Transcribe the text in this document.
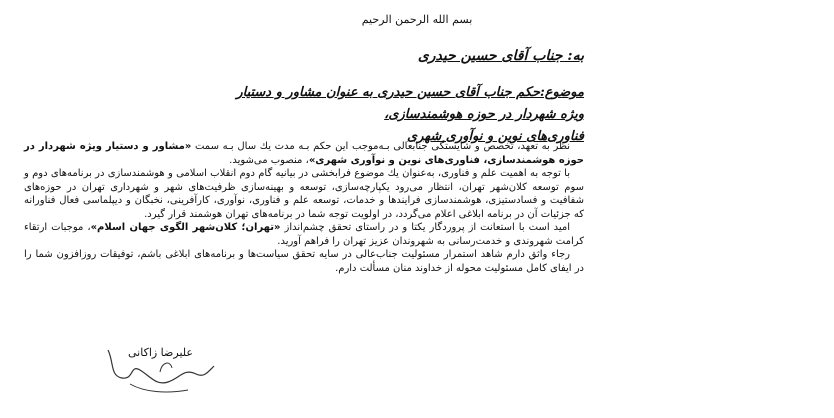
بسم الله الرحمن الرحيم
به: جناب آقای حسين حيدری
موضوع:حكم جناب آقای حسين حيدری به عنوان مشاور و دستيار ويژه شهردار در حوزه هوشمندسازی،
فناوری‌های نوين و نوآوری شهری

نظر به تعهد، تخصص و شايستگی جنابعالی بـه‌موجب اين حكم بـه مدت يك سال بـه سمت «مشاور و دستيار ويژه شهردار در حوزه هوشمندسازی، فناوری‌های نوين و نوآوری شهری»، منصوب می‌شويد.

با توجه به اهميت علم و فناوری، به‌عنوان يك موضوع فرابخشی در بيانيه گام دوم انقلاب اسلامی و هوشمندسازی در برنامه‌های دوم و سوم توسعه كلان‌شهر تهران، انتظار می‌رود يكپارچه‌سازی، توسعه و بهينه‌سازی ظرفيت‌های شهر و شهرداری تهران در حوزه‌های شفافيت و فسادستيزی، هوشمندسازی فرايندها و خدمات، توسعه علم و فناوری، نوآوری، كارآفرينی، نخبگان و ديپلماسی فعال فناورانه كه جزئيات آن در برنامه ابلاغی اعلام می‌گردد، در اولويت توجه شما در برنامه‌های تهران هوشمند قرار گيرد.

اميد است با استعانت از پروردگار يكتا و در راستای تحقق چشم‌انداز «تهران؛ كلان‌شهر الگوی جهان اسلام»، موجبات ارتقاء كرامت شهروندی و خدمت‌رسانی به شهروندان عزيز تهران را فراهم آوريد.

رجاء واثق دارم شاهد استمرار مسئوليت جناب‌عالی در سايه تحقق سياست‌ها و برنامه‌های ابلاغی باشم، توفيقات روزافزون شما را در ايفای كامل مسئوليت محوله از خداوند منان مسألت دارم.

عليرضا زاكانی
